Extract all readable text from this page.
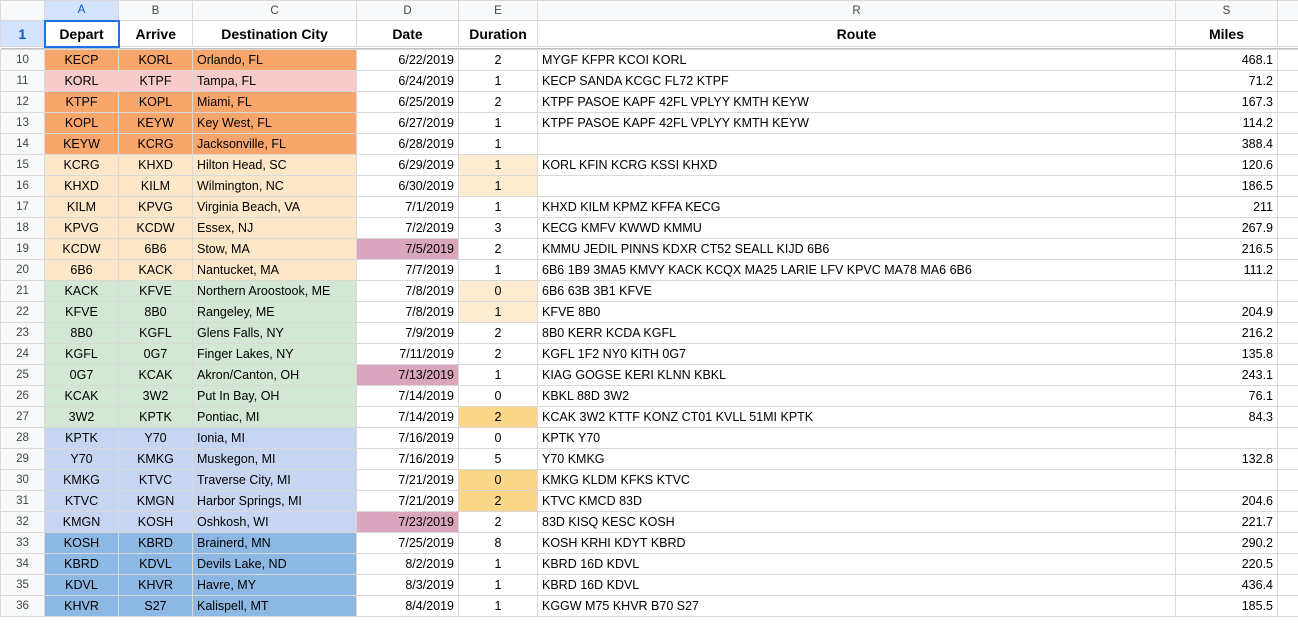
	A	B	C	D	E	R	S	
1	Depart	Arrive	Destination City	Date	Duration	Route	Miles	

10	KECP	KORL	Orlando, FL	6/22/2019	2	MYGF KFPR KCOI KORL	468.1	
11	KORL	KTPF	Tampa, FL	6/24/2019	1	KECP SANDA KCGC FL72 KTPF	71.2	
12	KTPF	KOPL	Miami, FL	6/25/2019	2	KTPF PASOE KAPF 42FL VPLYY KMTH KEYW	167.3	
13	KOPL	KEYW	Key West, FL	6/27/2019	1	KTPF PASOE KAPF 42FL VPLYY KMTH KEYW	114.2	
14	KEYW	KCRG	Jacksonville, FL	6/28/2019	1		388.4	
15	KCRG	KHXD	Hilton Head, SC	6/29/2019	1	KORL KFIN KCRG KSSI KHXD	120.6	
16	KHXD	KILM	Wilmington, NC	6/30/2019	1		186.5	
17	KILM	KPVG	Virginia Beach, VA	7/1/2019	1	KHXD KILM KPMZ KFFA KECG	211	
18	KPVG	KCDW	Essex, NJ	7/2/2019	3	KECG KMFV KWWD KMMU	267.9	
19	KCDW	6B6	Stow, MA	7/5/2019	2	KMMU JEDIL PINNS KDXR CT52 SEALL KIJD 6B6	216.5	
20	6B6	KACK	Nantucket, MA	7/7/2019	1	6B6 1B9 3MA5 KMVY KACK KCQX MA25 LARIE LFV KPVC MA78 MA6 6B6	111.2	
21	KACK	KFVE	Northern Aroostook, ME	7/8/2019	0	6B6 63B 3B1 KFVE		
22	KFVE	8B0	Rangeley, ME	7/8/2019	1	KFVE 8B0	204.9	
23	8B0	KGFL	Glens Falls, NY	7/9/2019	2	8B0 KERR KCDA KGFL	216.2	
24	KGFL	0G7	Finger Lakes, NY	7/11/2019	2	KGFL 1F2 NY0 KITH 0G7	135.8	
25	0G7	KCAK	Akron/Canton, OH	7/13/2019	1	KIAG GOGSE KERI KLNN KBKL	243.1	
26	KCAK	3W2	Put In Bay, OH	7/14/2019	0	KBKL 88D 3W2	76.1	
27	3W2	KPTK	Pontiac, MI	7/14/2019	2	KCAK 3W2 KTTF KONZ CT01 KVLL 51MI KPTK	84.3	
28	KPTK	Y70	Ionia, MI	7/16/2019	0	KPTK Y70		
29	Y70	KMKG	Muskegon, MI	7/16/2019	5	Y70 KMKG	132.8	
30	KMKG	KTVC	Traverse City, MI	7/21/2019	0	KMKG KLDM KFKS KTVC		
31	KTVC	KMGN	Harbor Springs, MI	7/21/2019	2	KTVC KMCD 83D	204.6	
32	KMGN	KOSH	Oshkosh, WI	7/23/2019	2	83D KISQ KESC KOSH	221.7	
33	KOSH	KBRD	Brainerd, MN	7/25/2019	8	KOSH KRHI KDYT KBRD	290.2	
34	KBRD	KDVL	Devils Lake, ND	8/2/2019	1	KBRD 16D KDVL	220.5	
35	KDVL	KHVR	Havre, MY	8/3/2019	1	KBRD 16D KDVL	436.4	
36	KHVR	S27	Kalispell, MT	8/4/2019	1	KGGW M75 KHVR B70 S27	185.5	
